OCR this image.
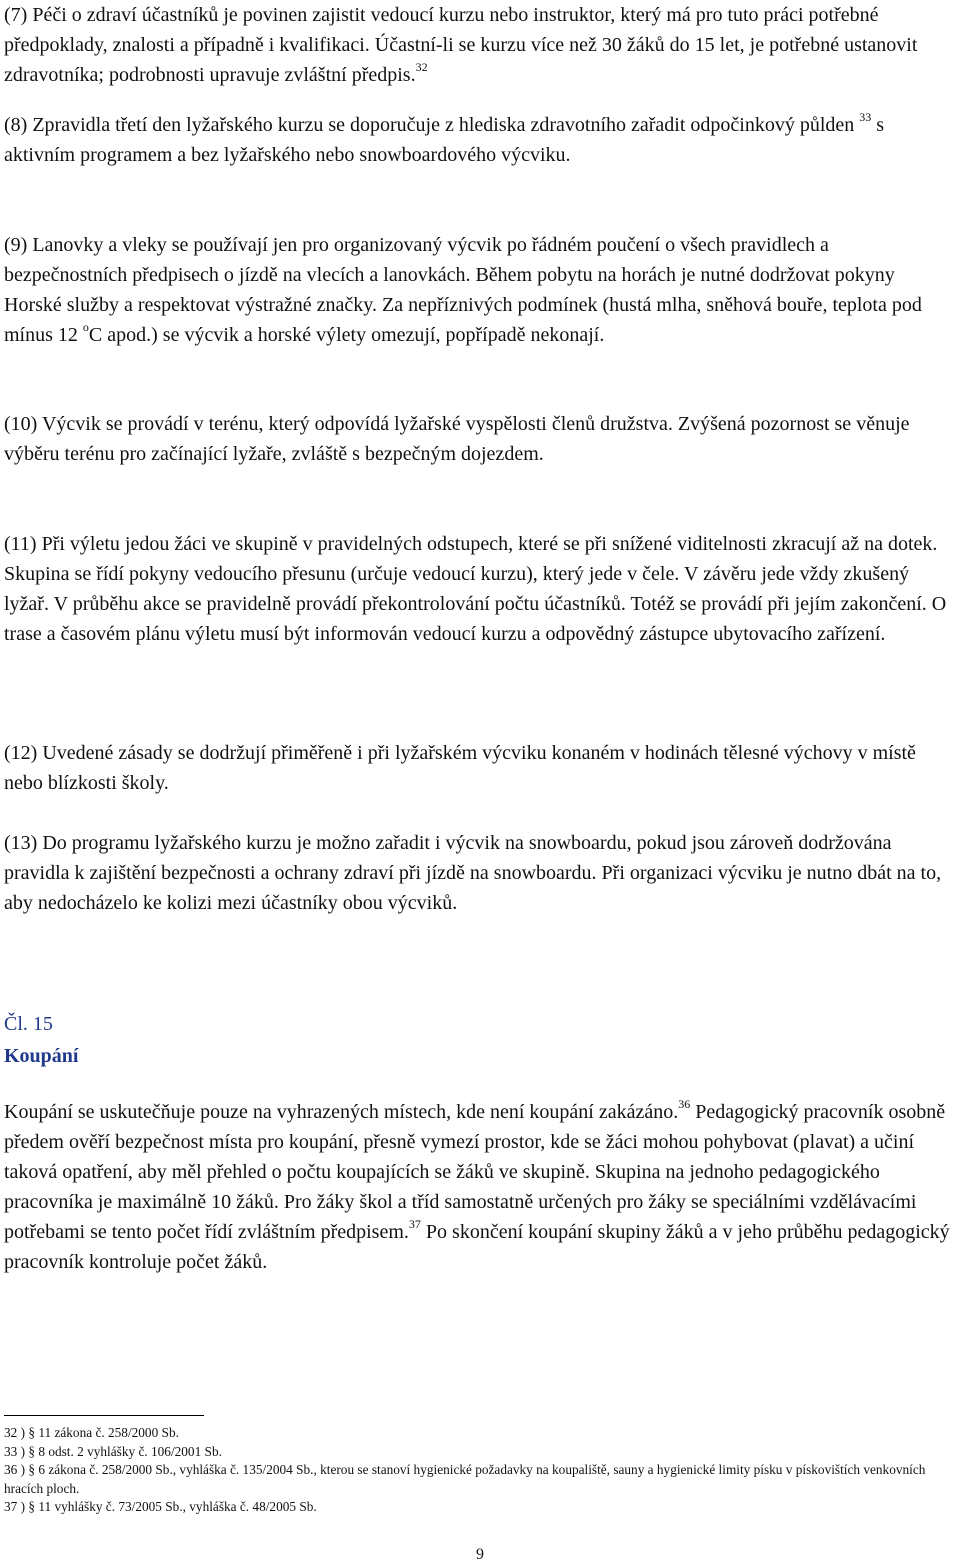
(7) Péči o zdraví účastníků je povinen zajistit vedoucí kurzu nebo instruktor, který má pro tuto práci potřebné předpoklady, znalosti a případně i kvalifikaci. Účastní-li se kurzu více než 30 žáků do 15 let, je potřebné ustanovit zdravotníka; podrobnosti upravuje zvláštní předpis.$^{32}$

(8) Zpravidla třetí den lyžařského kurzu se doporučuje z hlediska zdravotního zařadit odpočinkový půlden $^{33}$ s aktivním programem a bez lyžařského nebo snowboardového výcviku.

(9) Lanovky a vleky se používají jen pro organizovaný výcvik po řádném poučení o všech pravidlech a bezpečnostních předpisech o jízdě na vlecích a lanovkách. Během pobytu na horách je nutné dodržovat pokyny Horské služby a respektovat výstražné značky. Za nepříznivých podmínek (hustá mlha, sněhová bouře, teplota pod mínus 12 $^o$C apod.) se výcvik a horské výlety omezují, popřípadě nekonají.

(10) Výcvik se provádí v terénu, který odpovídá lyžařské vyspělosti členů družstva. Zvýšená pozornost se věnuje výběru terénu pro začínající lyžaře, zvláště s bezpečným dojezdem.

(11) Při výletu jedou žáci ve skupině v pravidelných odstupech, které se při snížené viditelnosti zkracují až na dotek. Skupina se řídí pokyny vedoucího přesunu (určuje vedoucí kurzu), který jede v čele. V závěru jede vždy zkušený lyžař. V průběhu akce se pravidelně provádí překontrolování počtu účastníků. Totéž se provádí při jejím zakončení. O trase a časovém plánu výletu musí být informován vedoucí kurzu a odpovědný zástupce ubytovacího zařízení.

(12) Uvedené zásady se dodržují přiměřeně i při lyžařském výcviku konaném v hodinách tělesné výchovy v místě nebo blízkosti školy.

(13) Do programu lyžařského kurzu je možno zařadit i výcvik na snowboardu, pokud jsou zároveň dodržována pravidla k zajištění bezpečnosti a ochrany zdraví při jízdě na snowboardu. Při organizaci výcviku je nutno dbát na to, aby nedocházelo ke kolizi mezi účastníky obou výcviků.

Čl. 15
Koupání

Koupání se uskutečňuje pouze na vyhrazených místech, kde není koupání zakázáno.$^{36}$ Pedagogický pracovník osobně předem ověří bezpečnost místa pro koupání, přesně vymezí prostor, kde se žáci mohou pohybovat (plavat) a učiní taková opatření, aby měl přehled o počtu koupajících se žáků ve skupině. Skupina na jednoho pedagogického pracovníka je maximálně 10 žáků. Pro žáky škol a tříd samostatně určených pro žáky se speciálními vzdělávacími potřebami se tento počet řídí zvláštním předpisem.$^{37}$ Po skončení koupání skupiny žáků a v jeho průběhu pedagogický pracovník kontroluje počet žáků.

32 ) § 11 zákona č. 258/2000 Sb.

33 ) § 8 odst. 2 vyhlášky č. 106/2001 Sb.

36 ) § 6 zákona č. 258/2000 Sb., vyhláška č. 135/2004 Sb., kterou se stanoví hygienické požadavky na koupaliště, sauny a hygienické limity písku v pískovištích venkovních hracích ploch.

37 ) § 11 vyhlášky č. 73/2005 Sb., vyhláška č. 48/2005 Sb.

9
